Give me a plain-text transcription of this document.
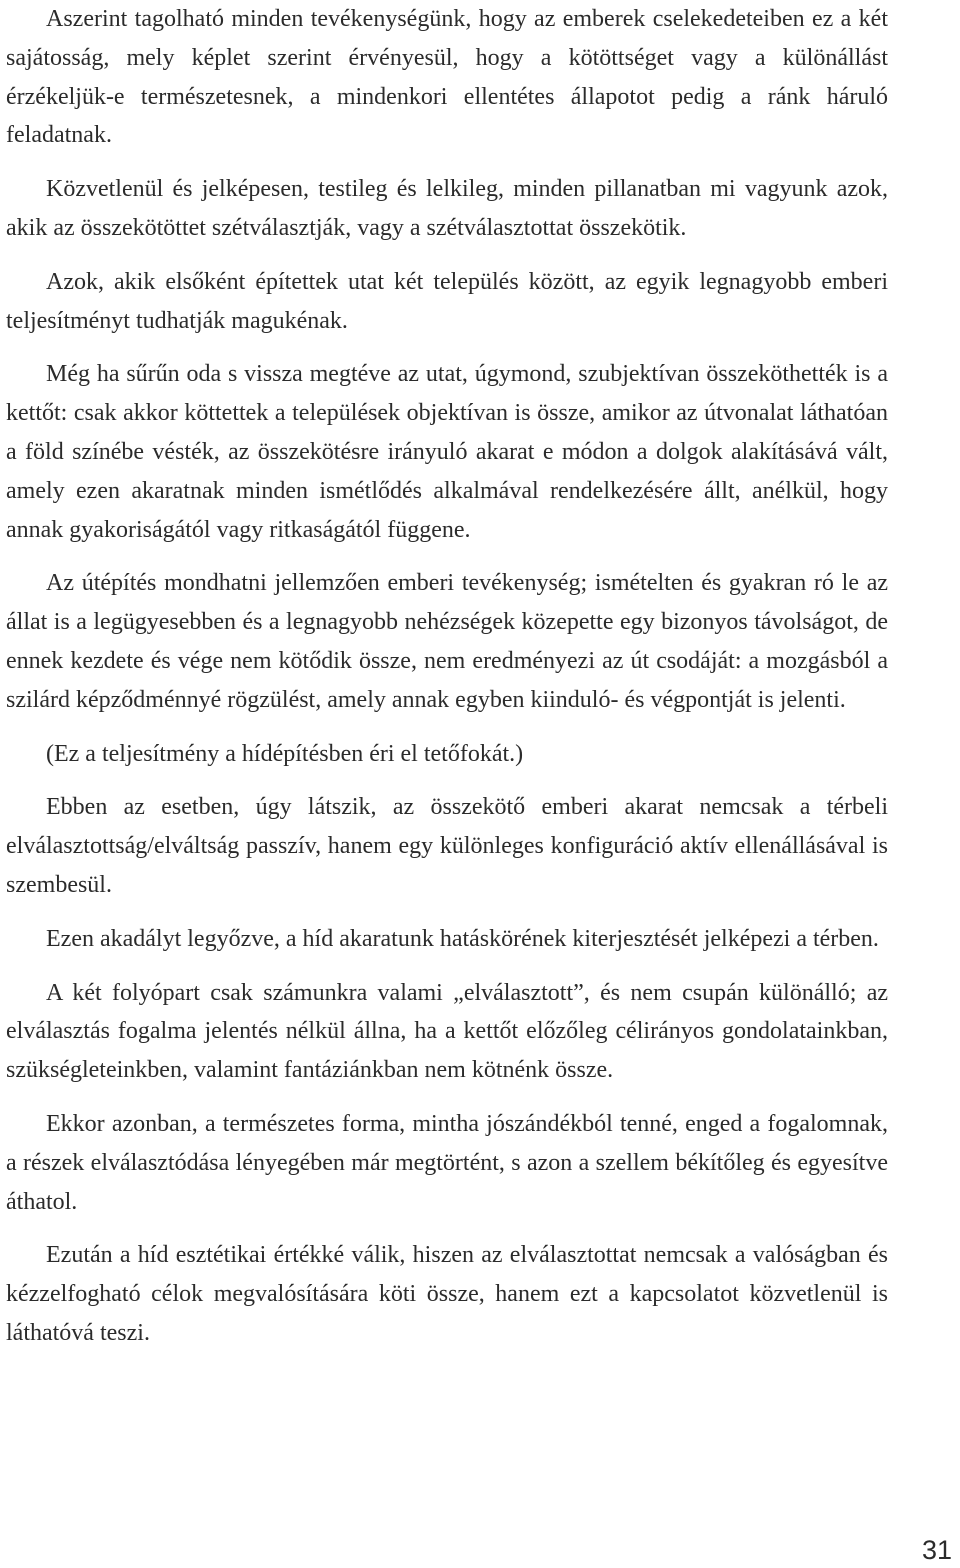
Aszerint tagolható minden tevékenységünk, hogy az emberek cselekedeteiben ez a két sajátosság, mely képlet szerint érvényesül, hogy a kötöttséget vagy a különállást érzékeljük-e természetesnek, a mindenkori ellentétes állapotot pedig a ránk háruló feladatnak.

Közvetlenül és jelképesen, testileg és lelkileg, minden pillanatban mi vagyunk azok, akik az összekötöttet szétválasztják, vagy a szétválasztottat összekötik.

Azok, akik elsőként építettek utat két település között, az egyik legnagyobb emberi teljesítményt tudhatják magukénak.

Még ha sűrűn oda s vissza megtéve az utat, úgymond, szubjektívan összeköthették is a kettőt: csak akkor köttettek a települések objektívan is össze, amikor az útvonalat láthatóan a föld színébe vésték, az összekötésre irányuló akarat e módon a dolgok alakításává vált, amely ezen akaratnak minden ismétlődés alkalmával rendelkezésére állt, anélkül, hogy annak gyakoriságától vagy ritkaságától függene.

Az útépítés mondhatni jellemzően emberi tevékenység; ismételten és gyakran ró le az állat is a legügyesebben és a legnagyobb nehézségek közepette egy bizonyos távolságot, de ennek kezdete és vége nem kötődik össze, nem eredményezi az út csodáját: a mozgásból a szilárd képződménnyé rögzülést, amely annak egyben kiinduló- és végpontját is jelenti.

(Ez a teljesítmény a hídépítésben éri el tetőfokát.)

Ebben az esetben, úgy látszik, az összekötő emberi akarat nemcsak a térbeli elválasztottság/elváltság passzív, hanem egy különleges konfiguráció aktív ellenállásával is szembesül.

Ezen akadályt legyőzve, a híd akaratunk hatáskörének kiterjesztését jelképezi a térben.

A két folyópart csak számunkra valami „elválasztott”, és nem csupán különálló; az elválasztás fogalma jelentés nélkül állna, ha a kettőt előzőleg célirányos gondolatainkban, szükségleteinkben, valamint fantáziánkban nem kötnénk össze.

Ekkor azonban, a természetes forma, mintha jószándékból tenné, enged a fogalomnak, a részek elválasztódása lényegében már megtörtént, s azon a szellem békítőleg és egyesítve áthatol.

Ezután a híd esztétikai értékké válik, hiszen az elválasztottat nemcsak a valóságban és kézzelfogható célok megvalósítására köti össze, hanem ezt a kapcsolatot közvetlenül is láthatóvá teszi.

31
